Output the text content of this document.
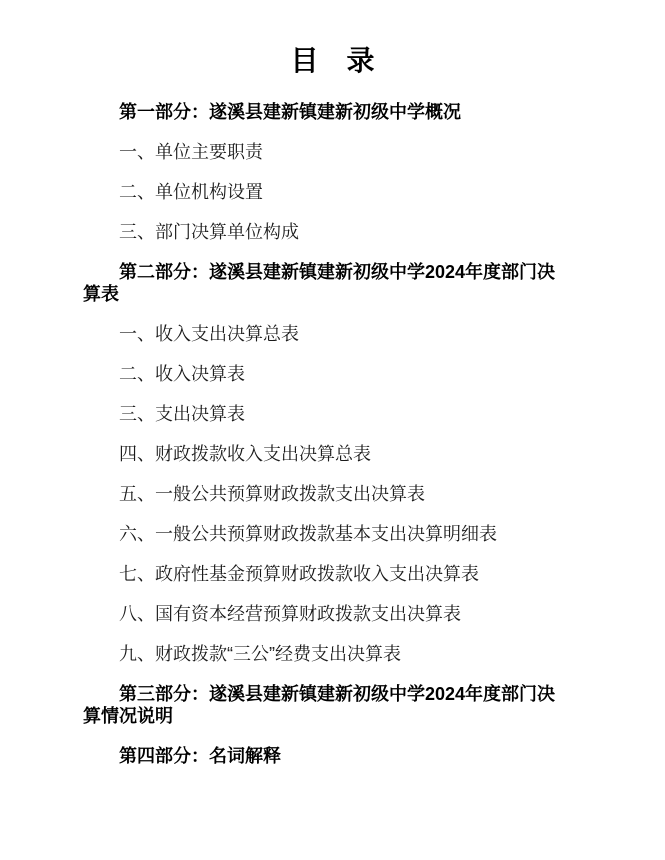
目　录

第一部分：遂溪县建新镇建新初级中学概况

一、单位主要职责

二、单位机构设置

三、部门决算单位构成

第二部分：遂溪县建新镇建新初级中学2024年度部门决算表

一、收入支出决算总表

二、收入决算表

三、支出决算表

四、财政拨款收入支出决算总表

五、一般公共预算财政拨款支出决算表

六、一般公共预算财政拨款基本支出决算明细表

七、政府性基金预算财政拨款收入支出决算表

八、国有资本经营预算财政拨款支出决算表

九、财政拨款“三公”经费支出决算表

第三部分：遂溪县建新镇建新初级中学2024年度部门决算情况说明

第四部分：名词解释
